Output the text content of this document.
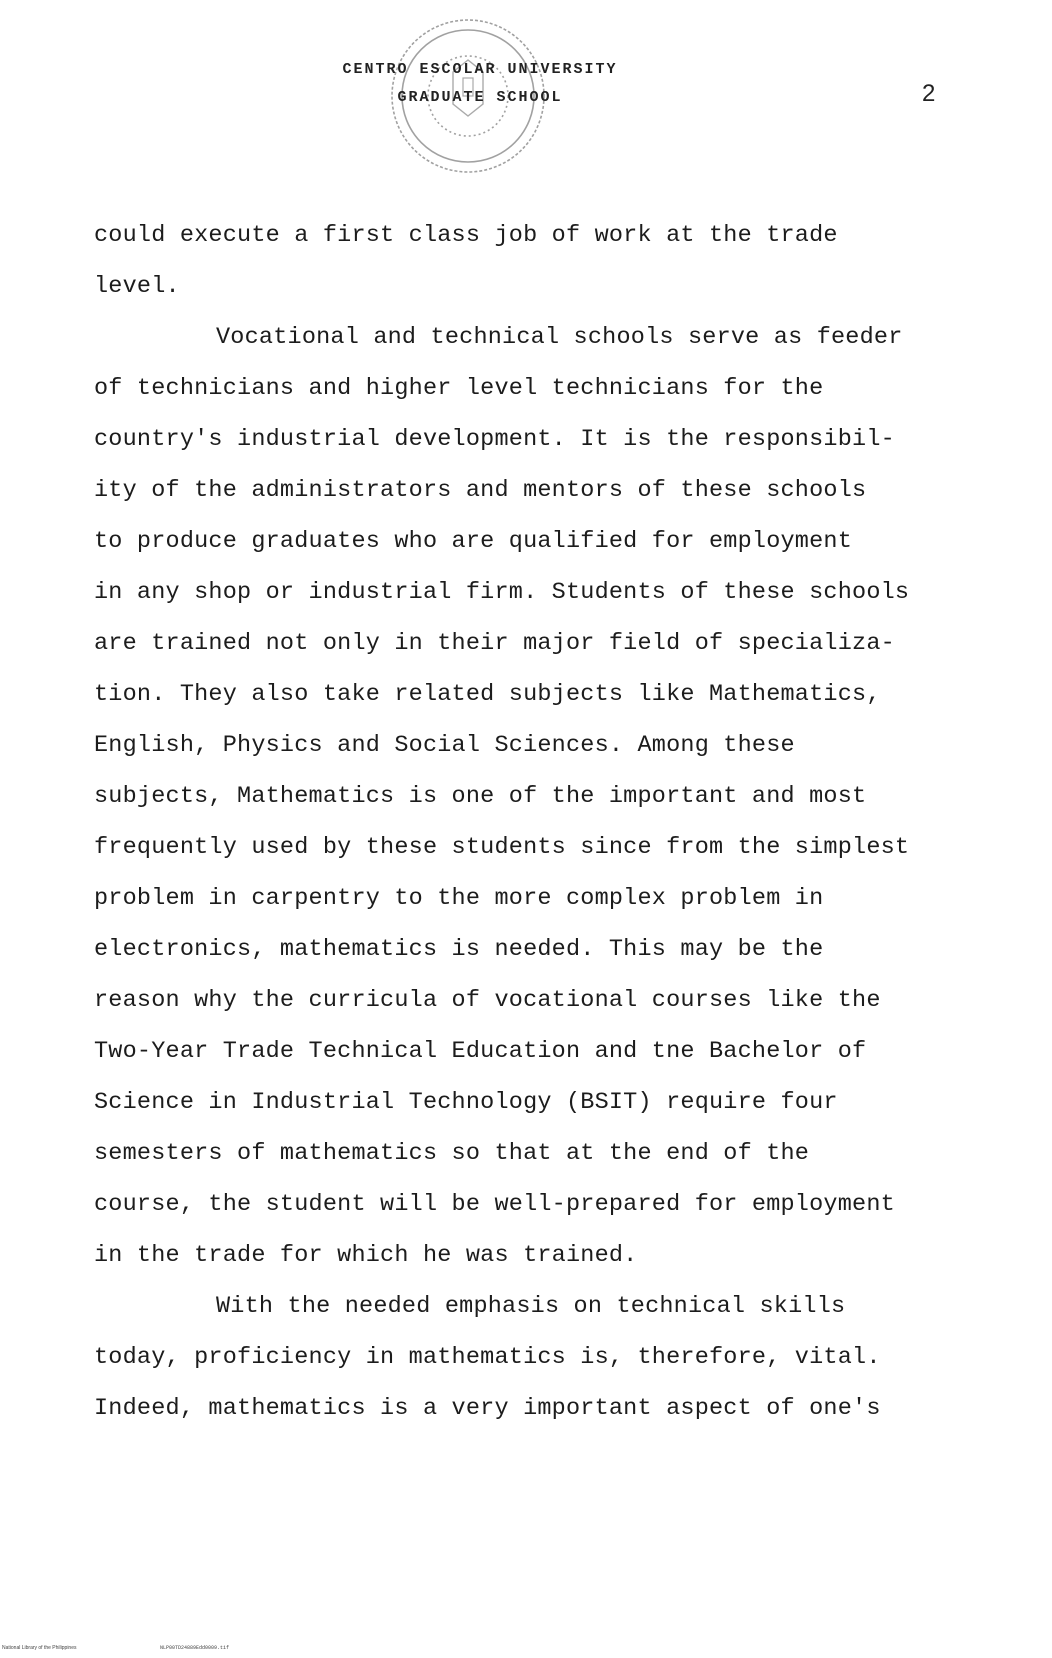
CENTRO ESCOLAR UNIVERSITY
GRADUATE SCHOOL	2
could execute a first class job of work at the trade
level.
Vocational and technical schools serve as feeder
of technicians and higher level technicians for the
country's industrial development. It is the responsibil-
ity of the administrators and mentors of these schools
to produce graduates who are qualified for employment
in any shop or industrial firm. Students of these schools
are trained not only in their major field of specializa-
tion. They also take related subjects like Mathematics,
English, Physics and Social Sciences. Among these
subjects, Mathematics is one of the important and most
frequently used by these students since from the simplest
problem in carpentry to the more complex problem in
electronics, mathematics is needed. This may be the
reason why the curricula of vocational courses like the
Two-Year Trade Technical Education and tne Bachelor of
Science in Industrial Technology (BSIT) require four
semesters of mathematics so that at the end of the
course, the student will be well-prepared for employment
in the trade for which he was trained.
With the needed emphasis on technical skills
today, proficiency in mathematics is, therefore, vital.
Indeed, mathematics is a very important aspect of one's
National Library of the Philippines	NLP00TD24889Edd0009.tif
